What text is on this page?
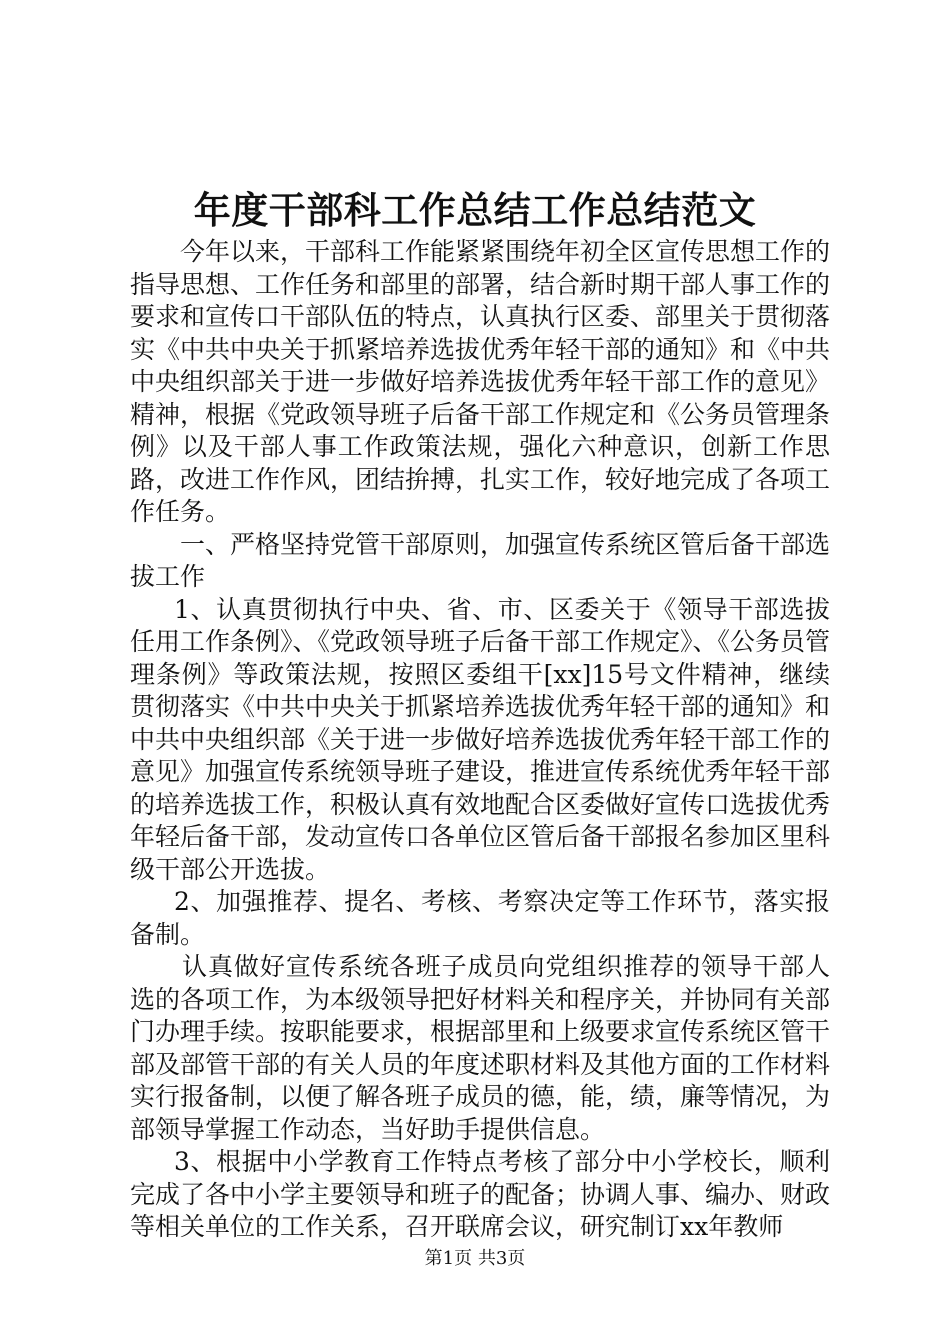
年度干部科工作总结工作总结范文

今年以来，干部科工作能紧紧围绕年初全区宣传思想工作的指导思想、工作任务和部里的部署，结合新时期干部人事工作的要求和宣传口干部队伍的特点，认真执行区委、部里关于贯彻落实《中共中央关于抓紧培养选拔优秀年轻干部的通知》和《中共中央组织部关于进一步做好培养选拔优秀年轻干部工作的意见》精神，根据《党政领导班子后备干部工作规定和《公务员管理条例》以及干部人事工作政策法规，强化六种意识，创新工作思路，改进工作作风，团结拚搏，扎实工作，较好地完成了各项工作任务。

一、严格坚持党管干部原则，加强宣传系统区管后备干部选拔工作

1、认真贯彻执行中央、省、市、区委关于《领导干部选拔任用工作条例》、《党政领导班子后备干部工作规定》、《公务员管理条例》等政策法规，按照区委组干[xx]15号文件精神，继续贯彻落实《中共中央关于抓紧培养选拔优秀年轻干部的通知》和中共中央组织部《关于进一步做好培养选拔优秀年轻干部工作的意见》加强宣传系统领导班子建设，推进宣传系统优秀年轻干部的培养选拔工作，积极认真有效地配合区委做好宣传口选拔优秀年轻后备干部，发动宣传口各单位区管后备干部报名参加区里科级干部公开选拔。

2、加强推荐、提名、考核、考察决定等工作环节，落实报备制。

认真做好宣传系统各班子成员向党组织推荐的领导干部人选的各项工作，为本级领导把好材料关和程序关，并协同有关部门办理手续。按职能要求，根据部里和上级要求宣传系统区管干部及部管干部的有关人员的年度述职材料及其他方面的工作材料实行报备制，以便了解各班子成员的德，能，绩，廉等情况，为部领导掌握工作动态，当好助手提供信息。

3、根据中小学教育工作特点考核了部分中小学校长，顺利完成了各中小学主要领导和班子的配备；协调人事、编办、财政等相关单位的工作关系，召开联席会议，研究制订xx年教师

第1页 共3页
